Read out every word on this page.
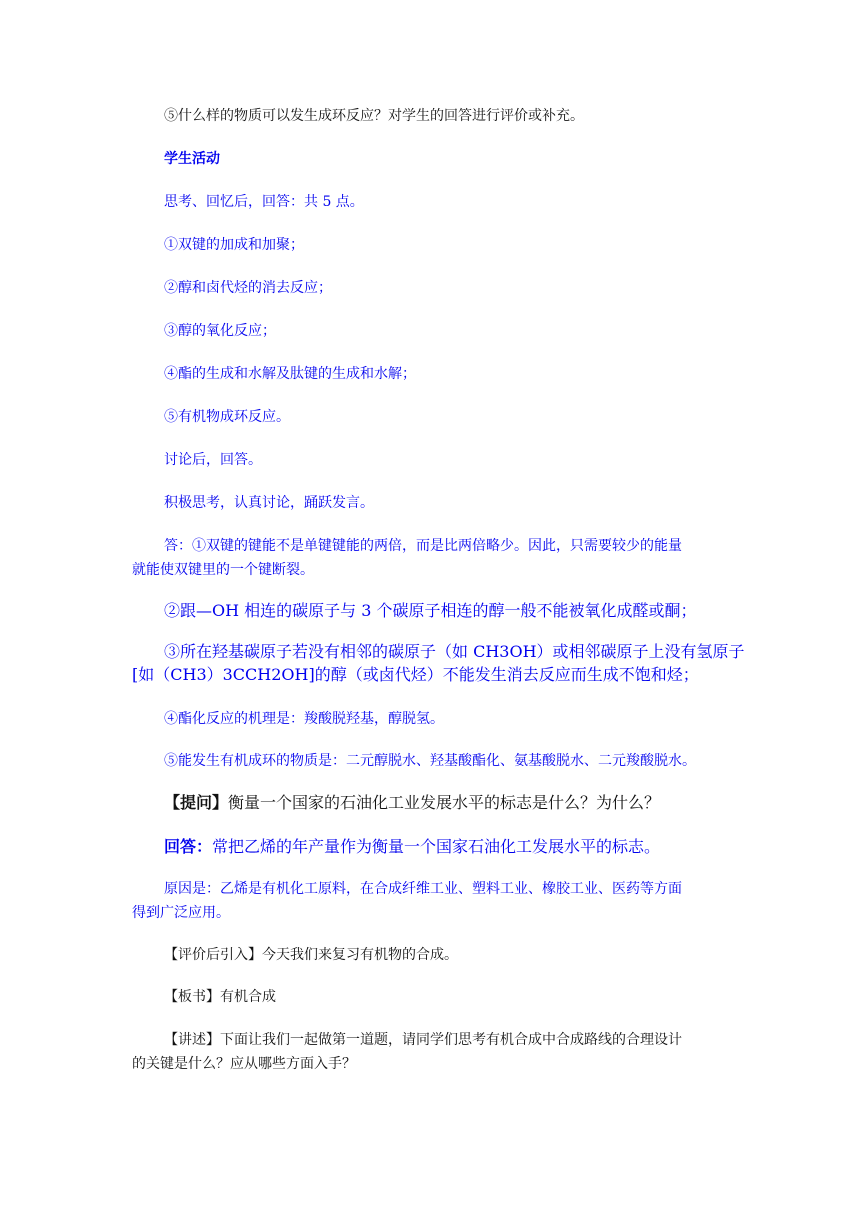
⑤什么样的物质可以发生成环反应？对学生的回答进行评价或补充。

学生活动

思考、回忆后，回答：共 5 点。

①双键的加成和加聚；

②醇和卤代烃的消去反应；

③醇的氧化反应；

④酯的生成和水解及肽键的生成和水解；

⑤有机物成环反应。

讨论后，回答。

积极思考，认真讨论，踊跃发言。

答：①双键的键能不是单键键能的两倍，而是比两倍略少。因此，只需要较少的能量

就能使双键里的一个键断裂。

②跟—OH 相连的碳原子与 3 个碳原子相连的醇一般不能被氧化成醛或酮；

③所在羟基碳原子若没有相邻的碳原子（如 CH3OH）或相邻碳原子上没有氢原子

[如（CH3）3CCH2OH]的醇（或卤代烃）不能发生消去反应而生成不饱和烃；

④酯化反应的机理是：羧酸脱羟基，醇脱氢。

⑤能发生有机成环的物质是：二元醇脱水、羟基酸酯化、氨基酸脱水、二元羧酸脱水。

【提问】衡量一个国家的石油化工业发展水平的标志是什么？为什么？

回答：常把乙烯的年产量作为衡量一个国家石油化工发展水平的标志。

原因是：乙烯是有机化工原料，在合成纤维工业、塑料工业、橡胶工业、医药等方面

得到广泛应用。

【评价后引入】今天我们来复习有机物的合成。

【板书】有机合成

【讲述】下面让我们一起做第一道题，请同学们思考有机合成中合成路线的合理设计

的关键是什么？应从哪些方面入手？
